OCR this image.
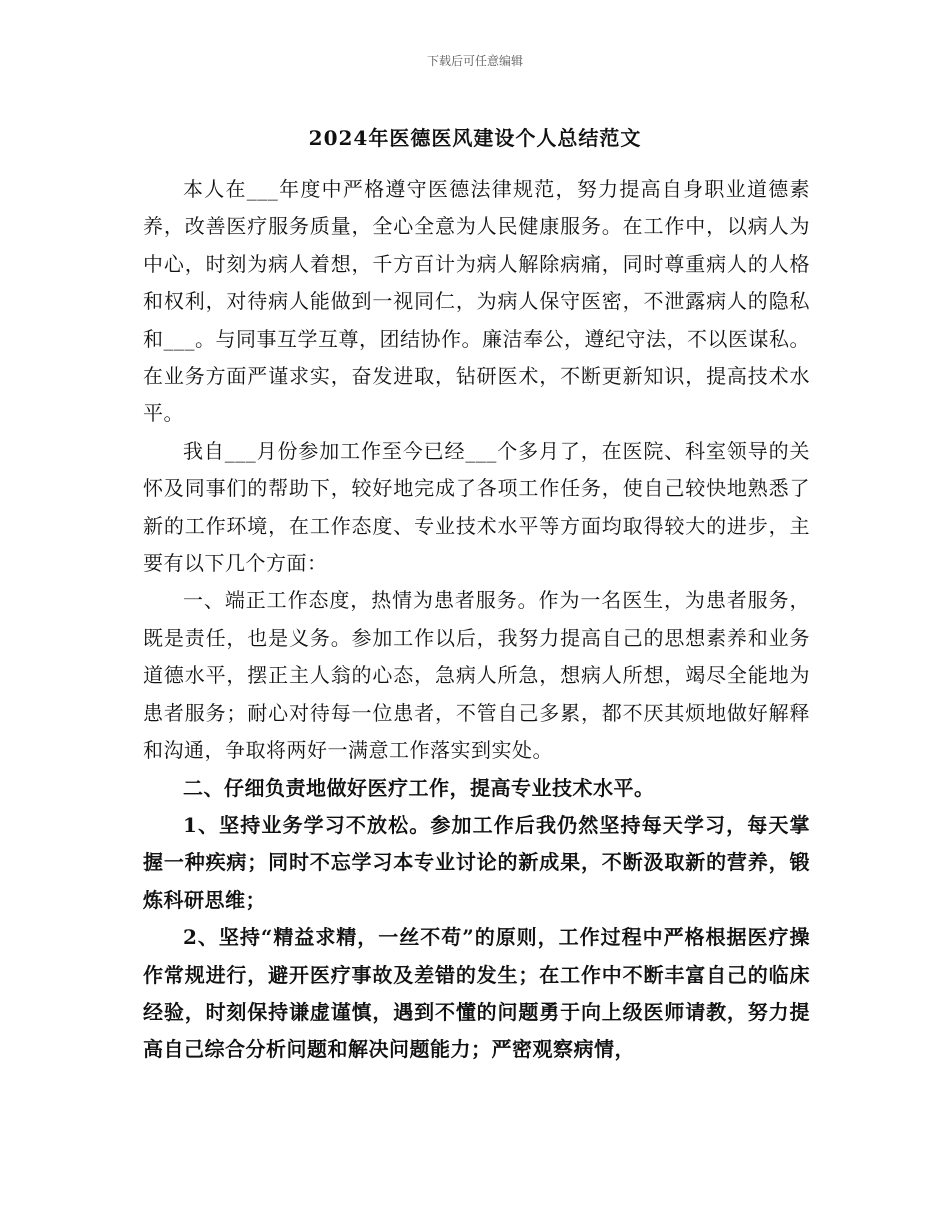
下载后可任意编辑
2024年医德医风建设个人总结范文

本人在___年度中严格遵守医德法律规范，努力提高自身职业道德素养，改善医疗服务质量，全心全意为人民健康服务。在工作中，以病人为中心，时刻为病人着想，千方百计为病人解除病痛，同时尊重病人的人格和权利，对待病人能做到一视同仁，为病人保守医密，不泄露病人的隐私和___。与同事互学互尊，团结协作。廉洁奉公，遵纪守法，不以医谋私。在业务方面严谨求实，奋发进取，钻研医术，不断更新知识，提高技术水平。

我自___月份参加工作至今已经___个多月了，在医院、科室领导的关怀及同事们的帮助下，较好地完成了各项工作任务，使自己较快地熟悉了新的工作环境，在工作态度、专业技术水平等方面均取得较大的进步，主要有以下几个方面：

一、端正工作态度，热情为患者服务。作为一名医生，为患者服务，既是责任，也是义务。参加工作以后，我努力提高自己的思想素养和业务道德水平，摆正主人翁的心态，急病人所急，想病人所想，竭尽全能地为患者服务；耐心对待每一位患者，不管自己多累，都不厌其烦地做好解释和沟通，争取将两好一满意工作落实到实处。

二、仔细负责地做好医疗工作，提高专业技术水平。

1、坚持业务学习不放松。参加工作后我仍然坚持每天学习，每天掌握一种疾病；同时不忘学习本专业讨论的新成果，不断汲取新的营养，锻炼科研思维；

2、坚持“精益求精，一丝不苟”的原则，工作过程中严格根据医疗操作常规进行，避开医疗事故及差错的发生；在工作中不断丰富自己的临床经验，时刻保持谦虚谨慎，遇到不懂的问题勇于向上级医师请教，努力提高自己综合分析问题和解决问题能力；严密观察病情，
